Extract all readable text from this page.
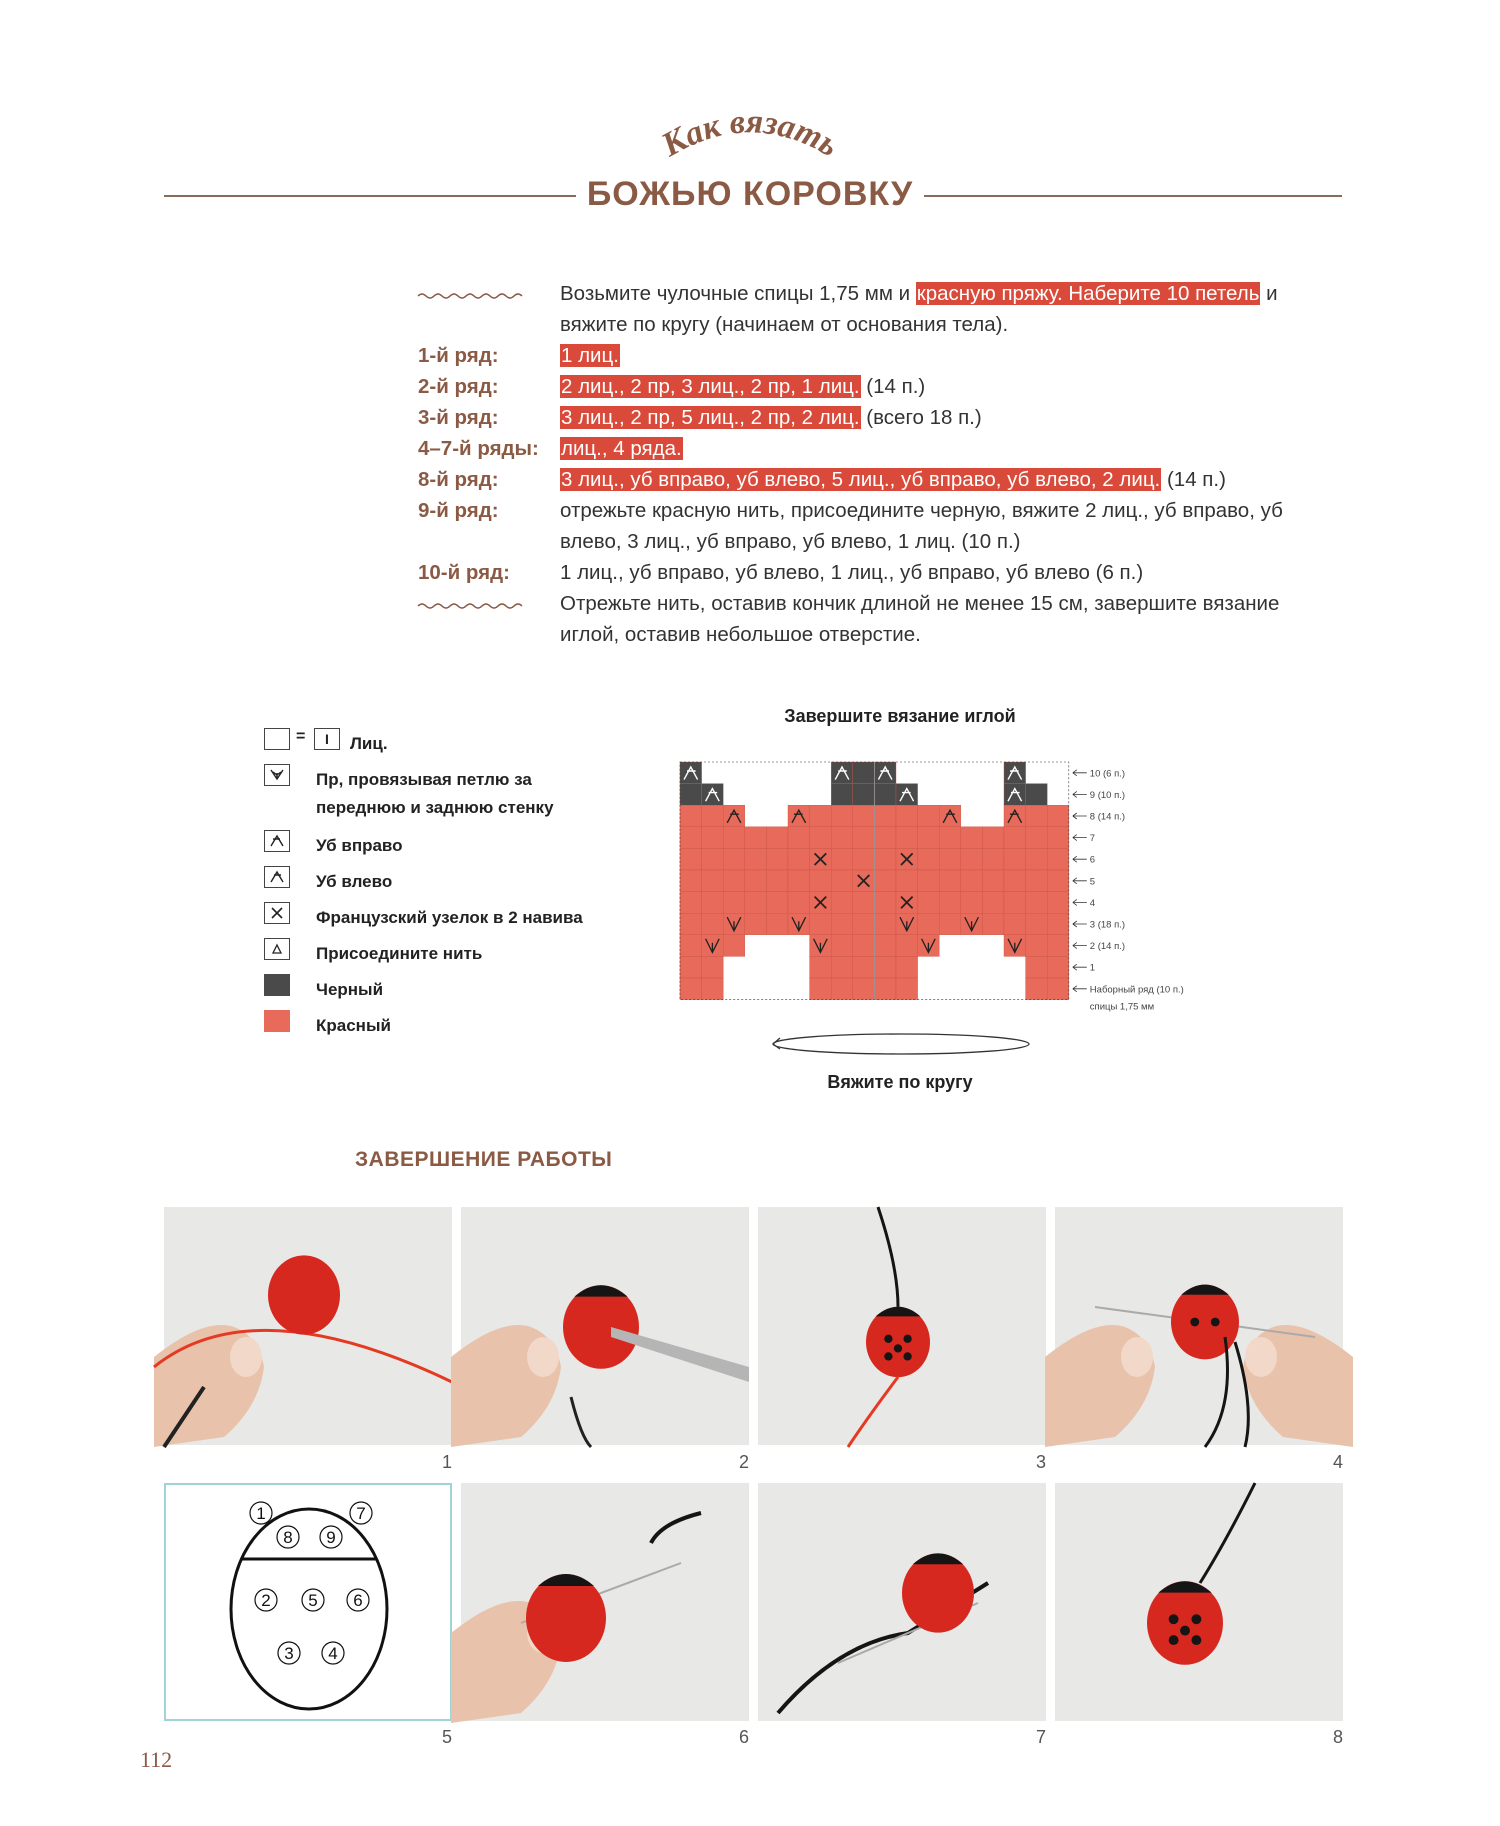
Как вязать
БОЖЬЮ КОРОВКУ
Возьмите чулочные спицы 1,75 мм и красную пряжу. Наберите 10 петель и вяжите по кругу (начинаем от основания тела).
1-й ряд:	1 лиц.
2-й ряд:	2 лиц., 2 пр, 3 лиц., 2 пр, 1 лиц. (14 п.)
3-й ряд:	3 лиц., 2 пр, 5 лиц., 2 пр, 2 лиц. (всего 18 п.)
4–7-й ряды:	лиц., 4 ряда.
8-й ряд:	3 лиц., уб вправо, уб влево, 5 лиц., уб вправо, уб влево, 2 лиц. (14 п.)
9-й ряд:	отрежьте красную нить, присоедините черную, вяжите 2 лиц., уб вправо, уб влево, 3 лиц., уб вправо, уб влево, 1 лиц. (10 п.)
10-й ряд:	1 лиц., уб вправо, уб влево, 1 лиц., уб вправо, уб влево (6 п.)
Отрежьте нить, оставив кончик длиной не менее 15 см, завершите вязание иглой, оставив небольшое отверстие.
=	I	Лиц.
Пр, провязывая петлю за переднюю и заднюю стенку
Уб вправо
Уб влево
Французский узелок в 2 навива
Присоедините нить
Черный
Красный
Завершите вязание иглой
10 (6 п.)
9 (10 п.)
8 (14 п.)
7
6
5
4
3 (18 п.)
2 (14 п.)
1
Наборный ряд (10 п.)
спицы 1,75 мм
Вяжите по кругу
ЗАВЕРШЕНИЕ РАБОТЫ
1	2	3	4
1
2
3 4
5 6
7
8 9
5	6	7	8
112
